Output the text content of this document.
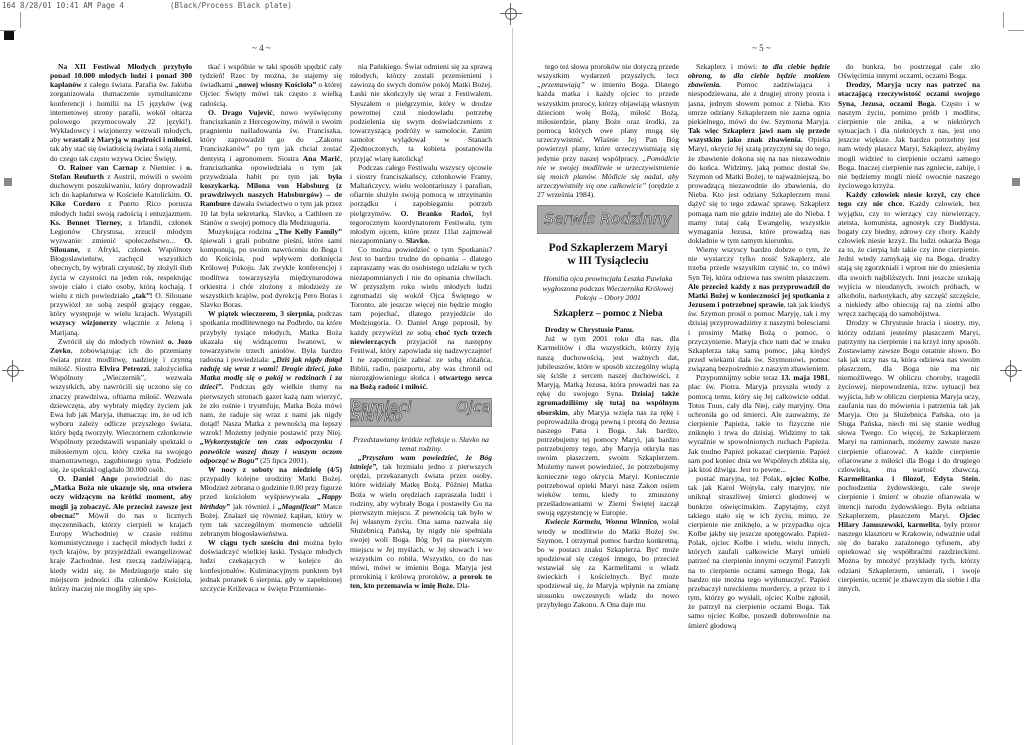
164 8/28/01 10:41 AM Page 4	(Black/Process Black plate)
~ 4 ~	~ 5 ~

Na XII Festiwal Młodych przybyło ponad 10.000 młodych ludzi i ponad 300 kapłanów z całego świata. Parafia św. Jakuba zorganizowała tłumaczenie symultaniczne konferencji i homilii na 15 języków (wg internetowej strony parafii, wokół ołtarza polowego przymocowały 22 języki!). Wykładowcy i wizjonerzy wezwali młodych, aby wrastali z Maryją w mądrości i miłości, tak aby stać się światłością świata i solą ziemi, do czego tak często wzywa Ociec Święty.

O. Rainer van Carnap z Niemiec i o. Stefan Reufurth z Austrii, mówili o swoim duchowym poszukiwaniu, który doprowadził ich do kapłaństwa w Kościele Katolickim. O. Kike Cordero z Puerto Rico porusza młodych ludzi swoją radością i entuzjazmem. Ks. Bennet Tierney, z Irlandii, członek Legionów Chrystusa, zrzucił młodym wyzwanie: zmienić społeczeństwo... O. Silouane, z Afryki, członek Wspólnoty Błogosławieństw, zachęcił wszystkich obecnych, by wybrali czystość, by złożyli ślub życia w czystości na jeden rok, respektując swoje ciało i ciało osoby, którą kochają. I wielu z nich powiedziało „tak”! O. Silouane przywiózł ze sobą zespół grający reggae, który występuje w wielu krajach. Wystąpili wszyscy wizjonerzy włącznie z Jeleną i Marijaną.

Zwrócił się do młodych również o. Jozo Zovko, zobowiązując ich do przemiany świata przez modlitwę, nadzieję i czynną miłość. Siostra Elvira Petrozzi, założycielka Wspólnoty „Wieczernik”, wezwała wszystkich, aby nawrócili się uczono się co znaczy prawdziwa, oftiarna miłość. Wezwała dziewczęta, aby wybrały między życiem jak Ewa lub jak Maryja, tłumacząc im, że od ich wyboru zależy odlicze przyszłego świata, który będą tworzyły. Wieczornem członkowie Wspólnoty przedstawili wspaniały spektakl o miłosiernym ojcu, który czeka na swojego marnotrawnego, zagubionego syna. Podziele się, że spektakl oglądało 30.000 osób.

O. Daniel Ange powiedział do nas: „Matka Boża nie ukazuje się, ona otwiera oczy widzącym na krótki moment, aby mogli ją zobaczyć. Ale przecież zawsze jest obecna!” Mówił do nas o licznych męczennikach, którzy cierpieli w krajach Europy Wschodniej w czasie reżimu komunistycznego i zachęcił młodych ludzi z tych krajów, by przyjeżdżali ewangelizować kraje Zachodnie. Jest rzeczą zadziwiającą, kiedy widzi się, że Medziugorje stało się miejscem jedności dla członków Kościoła, którzy inaczej nie mogliby się spo-

tkać i wspólnie w taki sposób spędzić cały tydzień! Rzec by można, że stajemy się świadkami „nowej wiosny Kościoła” o której Ojciec Święty mówi tak często z wielką radością.

O. Drago Vujević, nowo wyświęcony franciszkanin z Hercegowiny, mówił o swoim pragnieniu naśladowania św. Franciszka, który zaprowadził go do „Zakonu Franciszkanów” po tym jak chciał zostać dentystą i agronomem. Siostra Ana Marić, franciszkanka opowiedziała o tym jak przywdziała habit po tym jak była koszykarką. Milona von Habsburg (z prawdziwych naszych Habsburgów) – de Rambure dawała świadectwo o tym jak przez 10 lat była sekretarką. Slavko, a Cathleen ze Stanów o swojej pomocy dla Medziugoria.

Muzykująca rodzina „The Kelly Family” śpiewali i grali pobożne pieśni, które sami komponują, po swoim nawróceniu do Boga i do Kościoła, pod wpływem dotknięcia Królowej Pokoju. Jak zwykle konferencjej i modlitwa towarzyszyła międzynarodowa orkiestra i chór złożony z młodzieży ze wszystkich krajów, pod dyrekcją Pero Boras i Slavko Boras.

W piątek wieczorem, 3 sierpnia, podczas spotkania modlitewnego na Podbrdo, na które przybyły tysiące młodych, Matka Boża ukazała się widzącemu Iwanowi, w towarzystwie trzech aniołów. Była bardzo radosna i powiedziała: „Dziś jak nigdy dotąd raduję się wraz z wami! Drogie dzieci, jako Matka modlę się o pokój w rodzinach i za dzieci”. Podczas gdy wielkie tłumy na pierwszych stronach gazet każą nam wierzyć, że zło rośnie i tryumfuje, Matka Boża mówi nam, że raduje się wraz z nami jak nigdy dotąd! Nasza Matka z pewnością ma lepszy wzrok! Możemy jedynie postawić przy Niej. „Wykorzystajcie ten czas odpoczynku i pozwólcie waszej duszy i waszym oczom odpocząć w Bogu” (25 lipca 2001).

W nocy z soboty na niedzielę (4/5) przypadły kolejne urodziny Matki Bożej. Młodzież zebrana o godzinie 0.00 przy figurze przed kościołem wyśpiewywała „Happy birthday” jak również i „Magnificat” Matce Bożej. Znalazł się również kapłan, który w tym tak szczególnym momencie udzielił zebranym błogosławieństwa.

W ciągu tych sześciu dni można było doświadczyć wielkiej łaski. Tysiące młodych ludzi czekających w kolejce do konfesjonałów. Kulminacyjnym punktem był jednak poranek 6 sierpnia, gdy w zapełnionej szczycie Križevaca w święto Przemienie-

nia Pańskiego. Świat odmieni się za sprawą młodych, którzy zostali przemienieni i zawiozą do swych domów pokój Matki Bożej. Łaski nie skończyły się wraz z Festiwalem. Słyszałem o pielgrzymie, który w drodze powrotnej czuł niedowładu potrzebę podzielenia się swym doświadczeniem z towarzyszącą podróży w samolocie. Zanim samolot wylądował w Stanach Zjednoczonych, ta kobieta postanowiła przyjąć wiarę katolicką!

Podczas całego Festiwalu wszyscy ojcowie i siostry franciszkańscy, członkowie Framy, Maltańczycy, wielu wolontariuszy i parafian, ofiarnie służyło swoją pomocą w utrzymaniu porządku i zapobieganiu potrzeb pielgrzymów. O. Branko Radoš, był tegorocznym koordynatorem Festiwalu, tym młodym ojcem, które przez 11lat zajmował niezapomniany o. Slavko.

Co można powiedzieć o tym Spotkaniu? Jest to bardzo trudne do opisania – dlatego zapraszamy was do osobistego udziału w tych niezapomnianych i nie do opisania chwilach. W przyszłym roku wielu młodych ludzi zgromadzi się wokół Ojca Świętego w Toronto, ale jeszcze więcej nie będzie mogło tam pojechać, dlatego przyjedźcie do Medziugoria. O. Daniel Ange poprosił, by każdy przywiózł ze sobą choć tych trzech niewierzących przyjaciół na następny Festiwal, który zapowiada się nadzwyczajnie! I ne zapomnijcie zabrać ze sobą różańca, Biblii, radio, paszportu, aby was chronił od nierozgłowieniego słońca i otwartego serca na Bożą radość i miłość.

Pamięci Ojca Slavko

Przedstawiamy krótkie refleksje o. Slavko na temat rodziny.

„Przyszłam wam powiedzieć, że Bóg istnieje”, tak brzmiało jedno z pierwszych orędzi, przekazanych świata przez osoby, które widziały Matkę Bożą. Później Matka Boża w wielu orędziach zapraszała ludzi i rodziny, aby wybrały Boga i postawiły Go na pierwszym miejscu. Z pewnością tak było w Jej własnym życiu. Ona sama nazwała się Służebnicą Pańską, by nigdy nie spełniała swojej woli Boga. Bóg był na pierwszym miejscu w Jej myślach, w Jej słowach i we wszystkim co robiła. Wszystko, co do nas mówi, mówi w imieniu Boga. Maryja jest prorokinią i królową proroków, a prorok to ten, kto przemawia w imię Boże. Dla-

tego też słowa proroków nie dotyczą przede wszystkim wydarzeń przyszłych, lecz „przemawiają” w imieniu Boga. Dlatego każda matka i każdy ojciec to przede wszystkim prorocy, którzy objawiają własnym dzieciom wolę Bożą, miłość Bożą, miłosierdzie, plany Boże oraz środki, za pomocą których owe plany mogą się urzeczywistnić. Właśnie Jej Pan Bóg powierzył plany, które urzeczywistniają się jedynie przy naszej współpracy. „Pomódlcie nie w swojej modlitwie w urzeczywistnienie się moich planów. Módlcie się nadal, aby urzeczywistniły się one całkowicie” (orędzie z 27 września 1984).

Serwis Rodzinny
Pod Szkaplerzem Maryi
w III Tysiącleciu
Homilia ojca prowincjała Leszka Pawlaka wygłoszona podczas Wieczernika Królowej Pokoju – Obory 2001
Szkaplerz – pomoc z Nieba

Drodzy w Chrystusie Panu.

Już w tym 2001 roku dla nas, dla Karmelitów i dla wszystkich, którzy żyją naszą duchowością, jest ważnych dat, jubileuszów, które w sposób szczególny wiążą się ściśle z sercem naszej duchowości, z Maryją, Matką Jezusa, która prowadzi nas za rękę do swojego Syna. Dzisiaj także zgromadziliśmy się tutaj na wspólnym oborskim, aby Maryja wzięła nas za rękę i poprowadziła drogą pewną i prostą do Jezusa naszego Pana i Boga. Jak bardzo, potrzebujemy tej pomocy Maryi, jak bardzo potrzebujemy tego, aby Maryja otkryła nas swoim płaszczem, swoim Szkaplerzem. Możemy nawet powiedzieć, że potrzebujemy konieczne tego okrycia Maryi. Koniecznie potrzebował opieki Maryi nasz Zakon osiem wieków temu, kiedy to zmuszony prześladowaniami w Ziemi Świętej zaczął swoją egzystencję w Europie.

Kwiecie Karmelu, Wonna Winnico, wołał wtedy w modlitwie do Matki Bożej św. Szymon. I otrzymał pomoc bardzo konkretną, bo w postaci znaku Szkaplerza. Być może spodziewał się czegoś innego, bo przecież wstawiał się za Karmelitami u władz świeckich i kościelnych. Być może spodziewał się, że Maryja wpłynie na zmianę stosunku owczesnych władz do nowo przybyłego Zakonu. A Ona daje mu

Szkaplerz i mówi: to dla ciebie będzie obroną, to dla ciebie będzie znakiem zbawienia. Pomoc zadziwiająca i niespodziewana, ale z drugiej strony prosta i jasna, jednym słowem pomoc z Nieba. Kto umrze odziany Szkaplerzem nie zazna ognia piekielnego, mówi do św. Szymona Maryja. Tak więc Szkaplerz jawi nam się przede wszystkim jako znak zbawienia. Opieka Maryi, okrycie Jej szatą przyczyni się do tego, że zbawienie dokona się na nas niezawodnie do końca. Widzimy, jaką pomoc dostał św. Szymon od Matki Bożej, te najważniejszą, bo prowadzącą niezawodnie do zbawienia, do Nieba. Kto jest odziany Szkaplerzem musi dążyć się to tego zdawać sprawę. Szkaplerz pomaga nam nie gdzie indziej ale do Nieba. I mamy tutaj całą Ewangelię, wszystkie wymagania Jezusa, które prowadzą nas dokładnie w tym samym kierunku.

Wiemy wszyscy bardzo dobrze o tym, że nie wystarczy tylko nosić Szkaplerz, ale trzeba przede wszystkim czynić to, co mówi Syn Tej, która odziewa nas swoim płaszczem. Ale przecież każdy z nas przyprowadził do Matki Bożej w konieczności jej spotkania z Jezusem i potrzebnej sprawie, tak jak kiedyś św. Szymon prosił o pomoc Maryję, tak i my dzisiaj przyprowadzimy z naszymi bolesciami i prosimy Matkę Bożą o pomoc, o przyczynienie. Maryja chce nam dać w znaku Szkaplerza taką samą pomoc, jaką kiedyś przed wiekami dała św. Szymonowi, pomoc związaną bezpośrednio z naszym zbawieniem.

Przypomnijmy sobie teraz 13. maja 1981, plac św. Piotra. Maryja przyszła wtedy z pomocą temu, który się Jej całkowicie oddał. Totus Tuus, cały dla Niej, cały maryjny. Ona uchroniła go od śmierci. Ale zauważmy, że cierpienie Papieża, takie to fizyczne nie zniknęło i trwa do dzisiaj. Widzimy to tak wyraźnie w spowolnionych ruchach Papieża. Jak trudno Papież pokazać cierpienie. Papież sam pod koniec dnia we Wspólnych zbliża się, jak ktoś dźwiga. Jest to pewne...

postać maryjna, też Polak, ojciec Kolbe, tak jak Karol Wojtyła, cały maryjny, nie uniknął straszliwej śmierci głodowej w bunkrze oświęcimskim. Zapytajmy, czyż takiego stało się w ich życiu, mimo, że cierpienie nie zniknęło, a w przypadku ojca Kolbe jakby się jeszcze spotęgowało. Papież-Polak, ojciec Kolbe i wielu, wielu innych, których zaufali całkowicie Maryi umieli patrzeć na cierpienie innymi oczymi! Patrzyli na to cierpienie oczami samego Boga. Jak bardzo nie można tego wytłumaczyć. Papież przebaczył tureckiemu mordercy, a przez to i tym, którzy go wysłali, ojciec Kolbe zgłosił, że patrzył na cierpienie oczami Boga. Tak samo ojciec Kolbe, poszedł dobrowolnie na śmierć głodową

do bunkra, bo postrzegał całe zło Oświęcimia innymi oczami, oczami Boga.

Drodzy, Maryja uczy nas patrzeć na otaczającą rzeczywistość oczami swojego Syna, Jezusa, oczami Boga. Często i w naszym życiu, pomimo próśb i modlitw, cierpienie nie znika, a w niektórych sytuacjach i dla niektórych z nas, jest ono jeszcze większe. Jak bardzo potrzebny jest nam wtedy płaszcz Maryi, Szkaplerz, abyśmy mogli widzieć to cierpienie oczami samego Boga. Inaczej cierpienie nas zgniecie, zabije, i nie będziemy mogli nieść owocnie naszego życiowego krzyża.

Każdy człowiek niesie krzyż, czy chce tego czy nie chce. Każdy człowiek, bez wyjątku, czy to wierzący czy niewierzący, ateista, komunista, agnostyk czy Buddysta, bogaty czy biedny, zdrowy czy chory. Każdy człowiek niesie krzyż. Ilu ludzi oskarża Boga za to, że cierpią lub takie czy inne cierpienie. Jedni wtedy zamykają się na Boga, drudzy stają się zgorzkniali i wprost nie do zniesienia dla swoich najbliższych. Inni jeszcze szukają wyjścia w nieudanych, swoich próbach, w alkoholu, narkotykach, aby szczęść szczęście, a niekiedy albo obiecują raj na ziemi albo wręcz zachęcają do samobójstwa.

Drodzy w Chrystusie bracia i siostry, my, którzy odziani jesteśmy płaszczem Maryi, patrzymy na cierpienie i na krzyż inny sposób. Zostawiamy zawsze Bogu ostatnie słowo. Bo tak jak uczy nas ta, która odziewa nas swoim płaszczem, dla Boga nie ma nic niemożliwego. W obliczu choroby, tragedii życiowej, niepowodzenia, trzw. sytuacji bez wyjścia, lub w obliczu cierpienia Maryja uczy, zaufania nas do mówienia i patrzenia tak jak Maryja. Oto ja Służebnica Pańska, oto ja Sługa Pańska, niech mi się stanie według słowa Twego. Co więcej, że Szkaplerzem Maryi na ramionach, możemy zawsze nasze cierpienie ofiarować. A każde cierpienie ofiarowane z miłości dla Boga i do drugiego człowieka, ma wartość zbawczą. Karmelitanka i filozof, Edyta Stein, pochodzenia żydowskiego, całe swoje cierpienie i śmierć w obozie ofiarowała w intencji narodu żydowskiego. Była odziana Szkaplerzem, płaszczem Maryi. Ojciec Hilary Januszewski, karmelita, były przeor naszego klasztoru w Krakowie, odważnie udał się do baraku zarażonego tyfusem, aby opiekować się współbraćmi razdzieckimi. Można by mnożyć przykłady tych, którzy odziani Szkaplerzem, umierali, i swoje cierpienie, ucznić je zbawczym dla siebie i dla innych.
